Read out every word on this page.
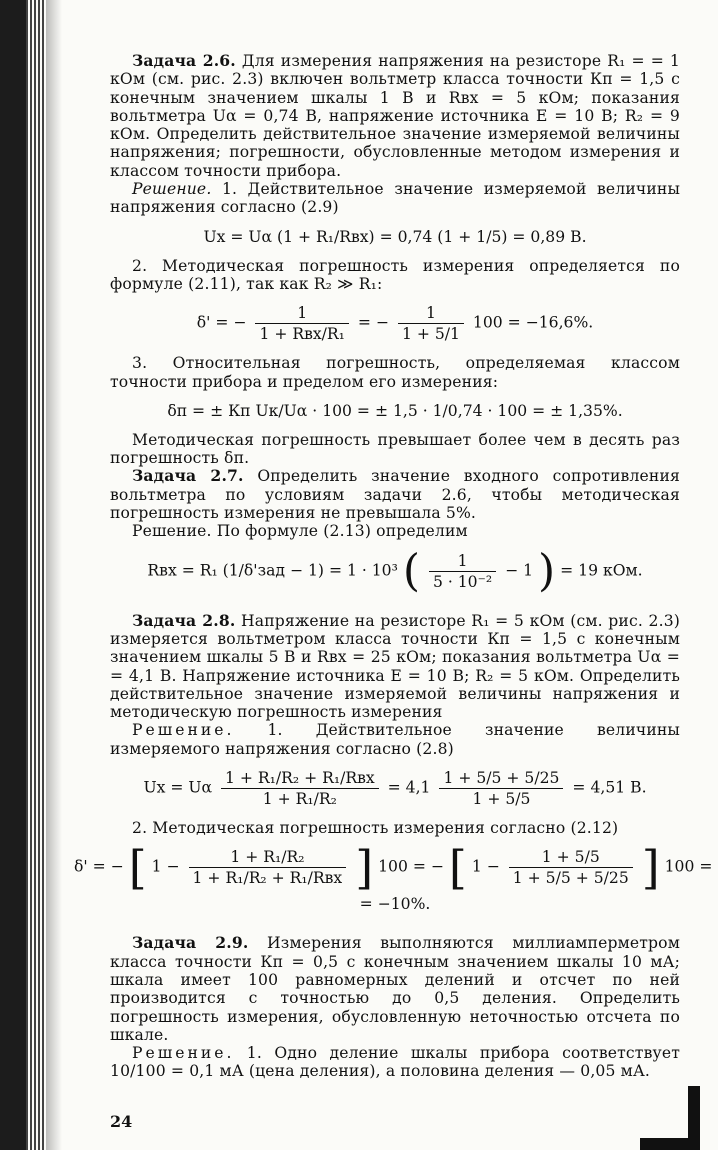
Задача 2.6. Для измерения напряжения на резисторе R₁ = = 1 кОм (см. рис. 2.3) включен вольтметр класса точности Кп = 1,5 с конечным значением шкалы 1 В и Rвх = 5 кОм; показания вольтметра Uα = 0,74 В, напряжение источника E = 10 В; R₂ = 9 кОм. Определить действительное значение измеряемой величины напряжения; погрешности, обусловленные методом измерения и классом точности прибора.

Решение. 1. Действительное значение измеряемой величины напряжения согласно (2.9)

Ux = Uα (1 + R₁/Rвх) = 0,74 (1 + 1/5) = 0,89 В.

2. Методическая погрешность измерения определяется по формуле (2.11), так как R₂ ≫ R₁:

δ' = − $\frac{1}{\text{1 + Rвх/R₁}}$ = − $\frac{1}{1 + 5/1} 100 = -16,6\%$.

3. Относительная погрешность, определяемая классом точности прибора и пределом его измерения:

δп = ± Кп Uк/Uα · 100 = ± 1,5 · 1/0,74 · 100 = ± 1,35%.

Методическая погрешность превышает более чем в десять раз погрешность δп.

Задача 2.7. Определить значение входного сопротивления вольтметра по условиям задачи 2.6, чтобы методическая погрешность измерения не превышала 5%.

Решение. По формуле (2.13) определим

Rвх = R₁ (1/δ'зад − 1) = 1 · 10³ ( $\frac{1}{\text{5 · 10⁻²}} - 1$ ) = 19 кОм.

Задача 2.8. Напряжение на резисторе R₁ = 5 кОм (см. рис. 2.3) измеряется вольтметром класса точности Кп = 1,5 с конечным значением шкалы 5 В и Rвх = 25 кОм; показания вольтметра Uα = = 4,1 В. Напряжение источника E = 10 В; R₂ = 5 кОм. Определить действительное значение измеряемой величины напряжения и методическую погрешность измерения

Решение. 1. Действительное значение величины измеряемого напряжения согласно (2.8)

Ux = Uα $\frac{\text{1 + R₁/R₂ + R₁/Rвх}}{\text{1 + R₁/R₂}} = 4,1 \frac{1 + 5/5 + 5/25}{1 + 5/5} = 4,51$ В.

2. Методическая погрешность измерения согласно (2.12)

δ' = − [ $1 - \frac{\text{1 + R₁/R₂}}{\text{1 + R₁/R₂ + R₁/Rвх}}$ ] 100 = − [ $1 - \frac{1 + 5/5}{1 + 5/5 + 5/25}$ ] 100 =
= −10%.

Задача 2.9. Измерения выполняются миллиамперметром класса точности Кп = 0,5 с конечным значением шкалы 10 мА; шкала имеет 100 равномерных делений и отсчет по ней производится с точностью до 0,5 деления. Определить погрешность измерения, обусловленную неточностью отсчета по шкале.

Решение. 1. Одно деление шкалы прибора соответствует 10/100 = 0,1 мА (цена деления), а половина деления — 0,05 мА.

24
